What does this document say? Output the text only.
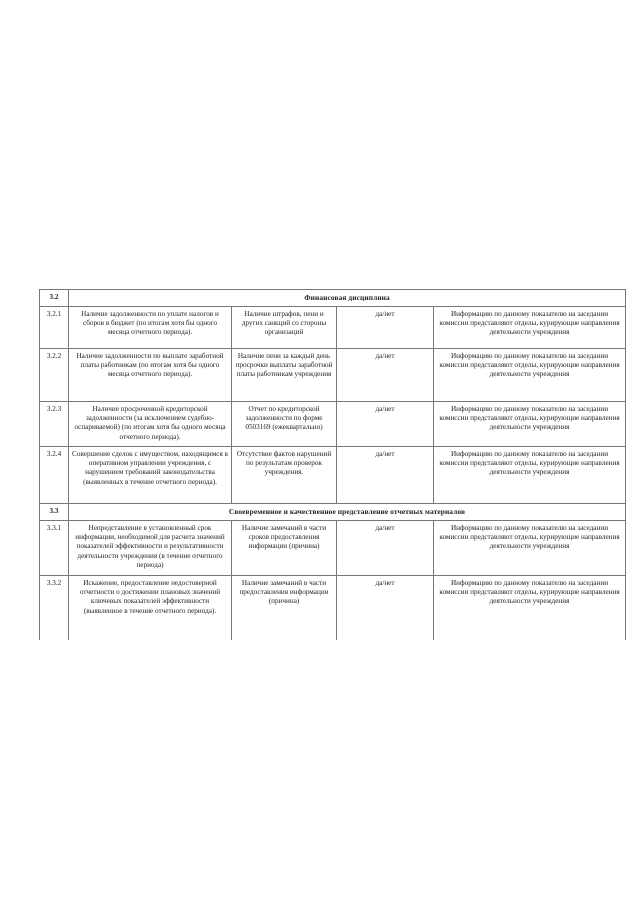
3.2	Финансовая дисциплина			
3.2.1	Наличие задолженности по уплате налогов и сборов в бюджет (по итогам хотя бы одного месяца отчетного периода).	Наличие штрафов, пени и других санкций со стороны организаций	да/нет	Информацию по данному показателю на заседании комиссии представляют отделы, курирующие направления деятельности учреждения
3.2.2	Наличие задолженности по выплате заработной платы работникам (по итогам хотя бы одного месяца отчетного периода).	Наличие пени за каждый день просрочки выплаты заработной платы работникам учреждения	да/нет	Информацию по данному показателю на заседании комиссии представляют отделы, курирующие направления деятельности учреждения
3.2.3	Наличие просроченной кредиторской задолженности (за исключением судебно-оспариваемой) (по итогам хотя бы одного месяца отчетного периода).	Отчет по кредиторской задолженности по форме 0503169 (ежеквартально)	да/нет	Информацию по данному показателю на заседании комиссии представляют отделы, курирующие направления деятельности учреждения
3.2.4	Совершение сделок с имуществом, находящимся в оперативном управлении учреждения, с нарушением требований законодательства (выявленных в течение отчетного периода).	Отсутствие фактов нарушений по результатам проверок учреждения.	да/нет	Информацию по данному показателю на заседании комиссии представляют отделы, курирующие направления деятельности учреждения
3.3	Своевременное и качественное представление отчетных материалов			
3.3.1	Непредставление в установленный срок информации, необходимой для расчета значений показателей эффективности и результативности деятельности учреждения (в течение отчетного периода)	Наличие замечаний в части сроков предоставления информации (причина)	да/нет	Информацию по данному показателю на заседании комиссии представляют отделы, курирующие направления деятельности учреждения
3.3.2	Искажение, предоставление недостоверной отчетности о достижении плановых значений ключевых показателей эффективности (выявленное в течение отчетного периода).	Наличие замечаний в части предоставления информации (причина)	да/нет	Информацию по данному показателю на заседании комиссии представляют отделы, курирующие направления деятельности учреждения
